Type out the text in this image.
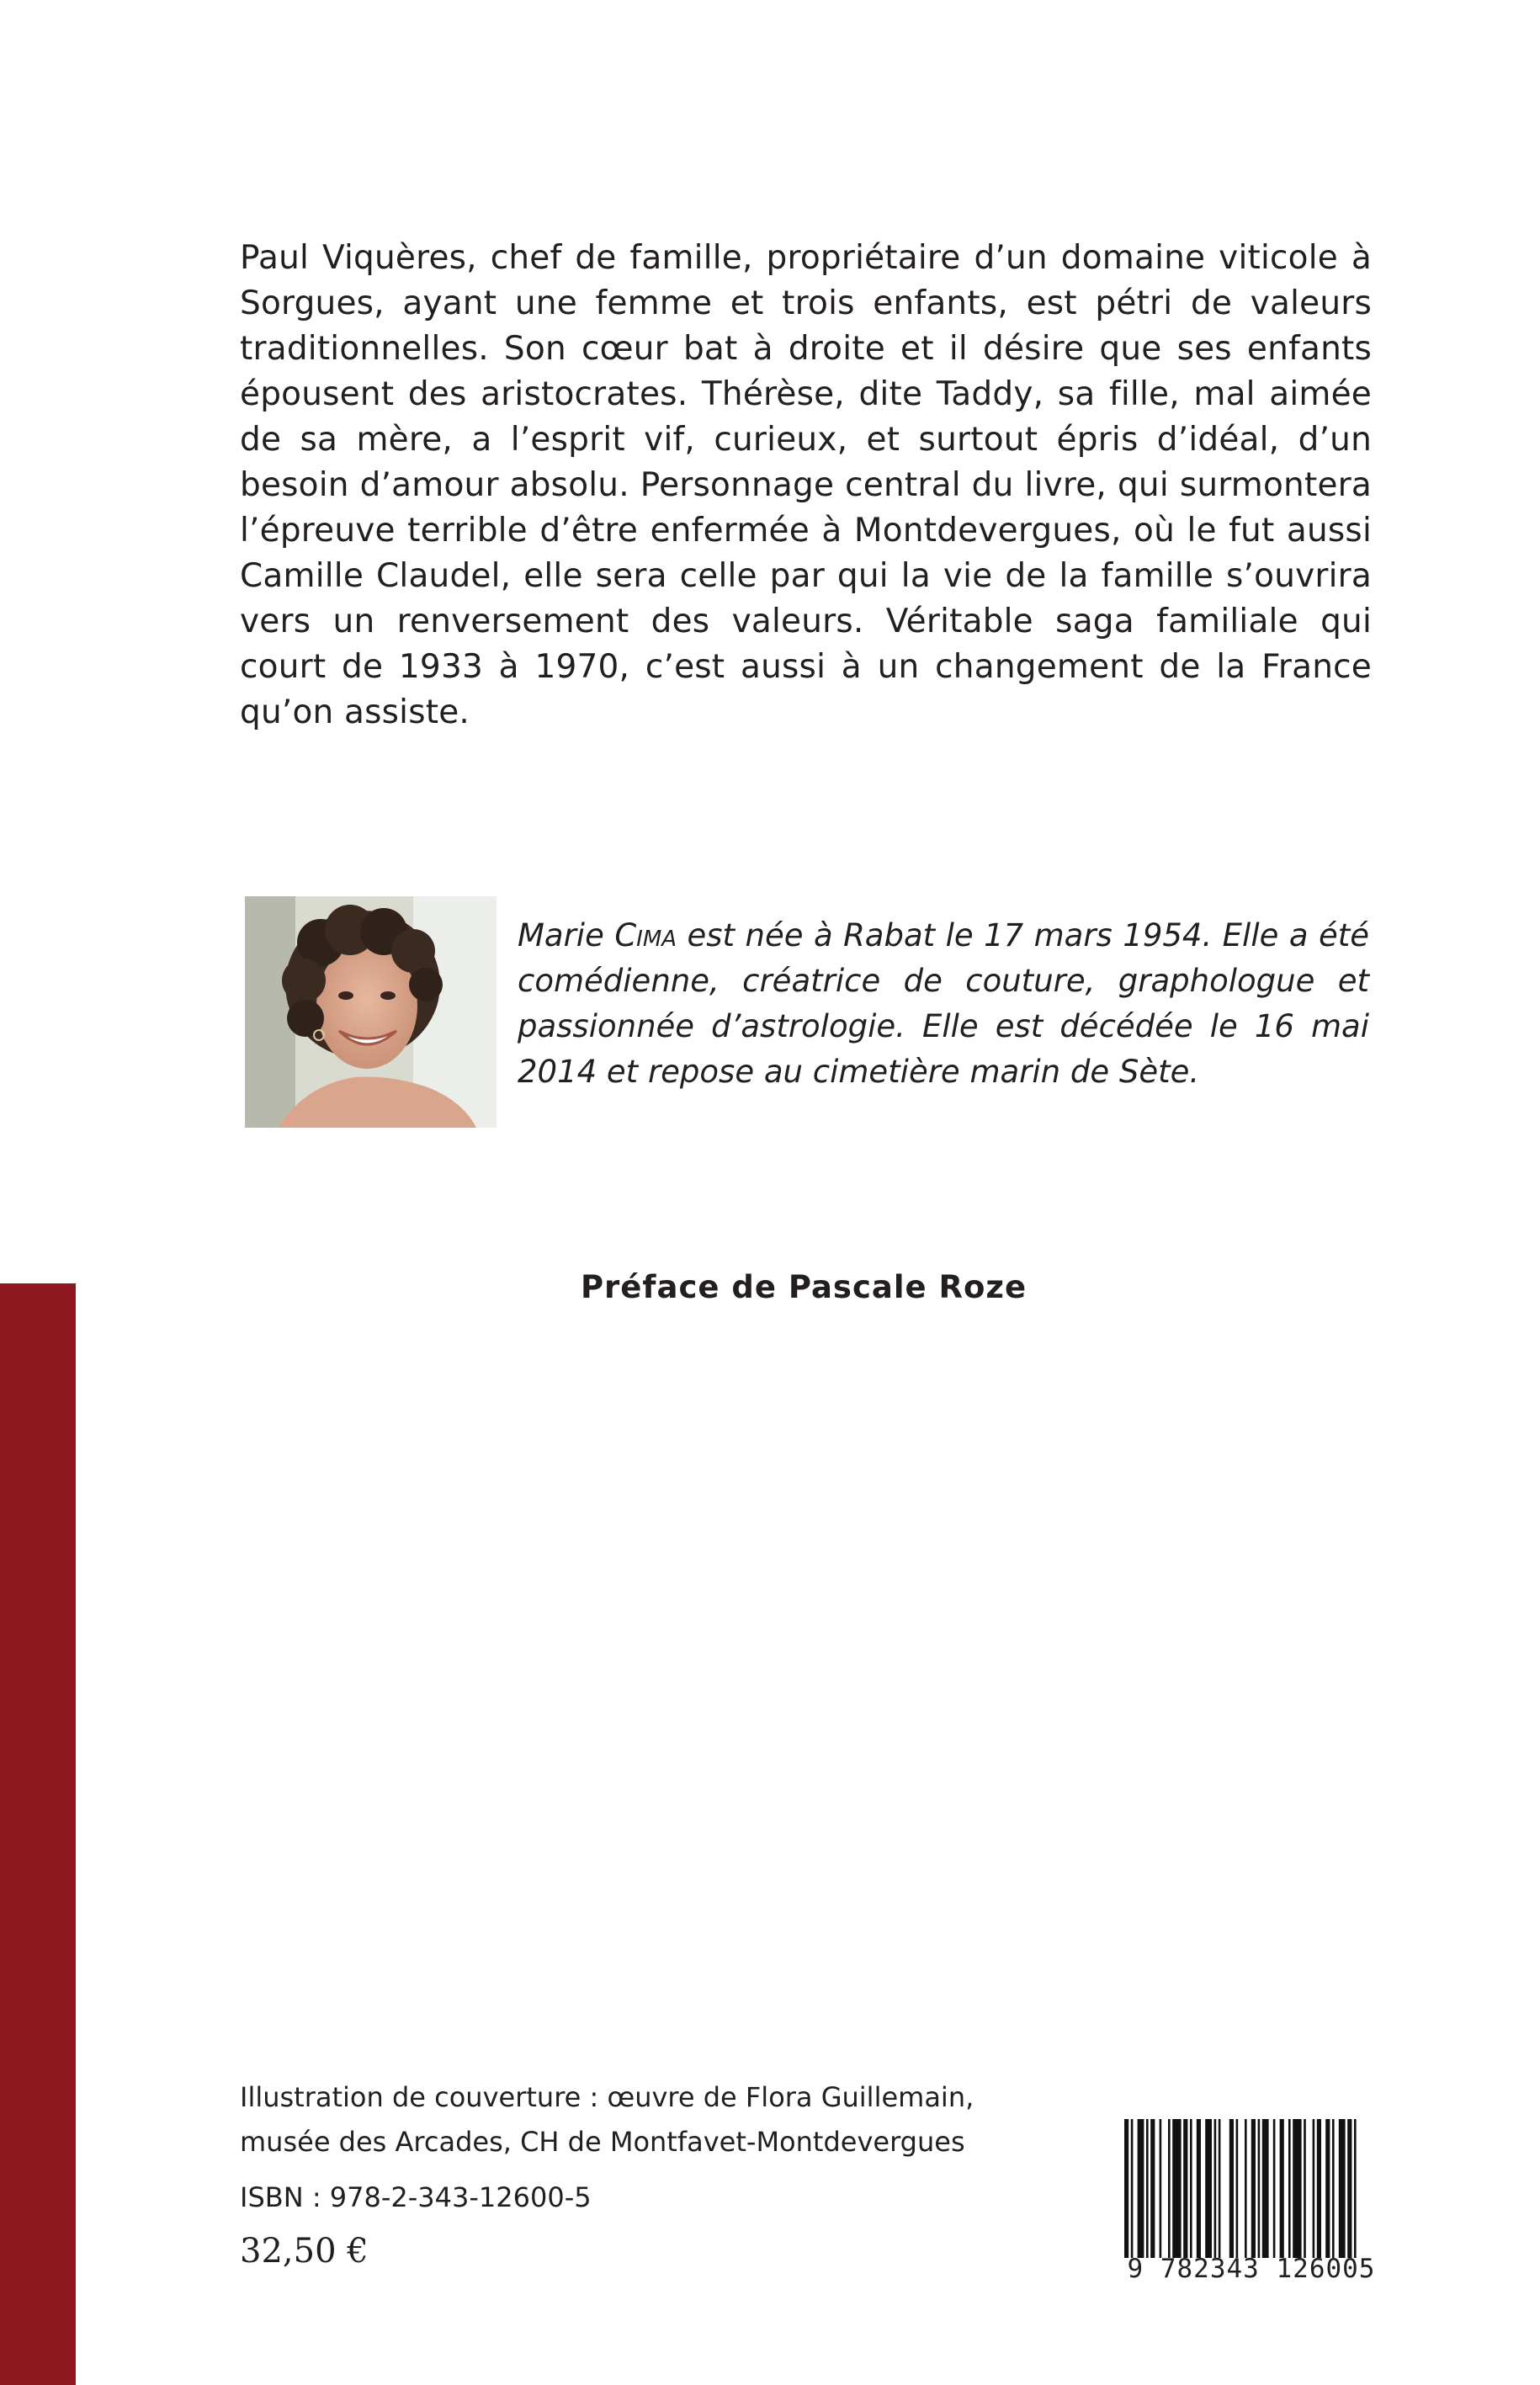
Paul Viquères, chef de famille, propriétaire d’un domaine viticole à Sorgues, ayant une femme et trois enfants, est pétri de valeurs traditionnelles. Son cœur bat à droite et il désire que ses enfants épousent des aristocrates. Thérèse, dite Taddy, sa fille, mal aimée de sa mère, a l’esprit vif, curieux, et surtout épris d’idéal, d’un besoin d’amour absolu. Personnage central du livre, qui surmontera l’épreuve terrible d’être enfermée à Montdevergues, où le fut aussi Camille Claudel, elle sera celle par qui la vie de la famille s’ouvrira vers un renversement des valeurs. Véritable saga familiale qui court de 1933 à 1970, c’est aussi à un changement de la France qu’on assiste.

Marie Cima est née à Rabat le 17 mars 1954. Elle a été comédienne, créatrice de couture, graphologue et passionnée d’astrologie. Elle est décédée le 16 mai 2014 et repose au cimetière marin de Sète.

Préface de Pascale Roze

Illustration de couverture : œuvre de Flora Guillemain,
musée des Arcades, CH de Montfavet-Montdevergues

ISBN : 978-2-343-12600-5
32,50 €	9 782343 126005
